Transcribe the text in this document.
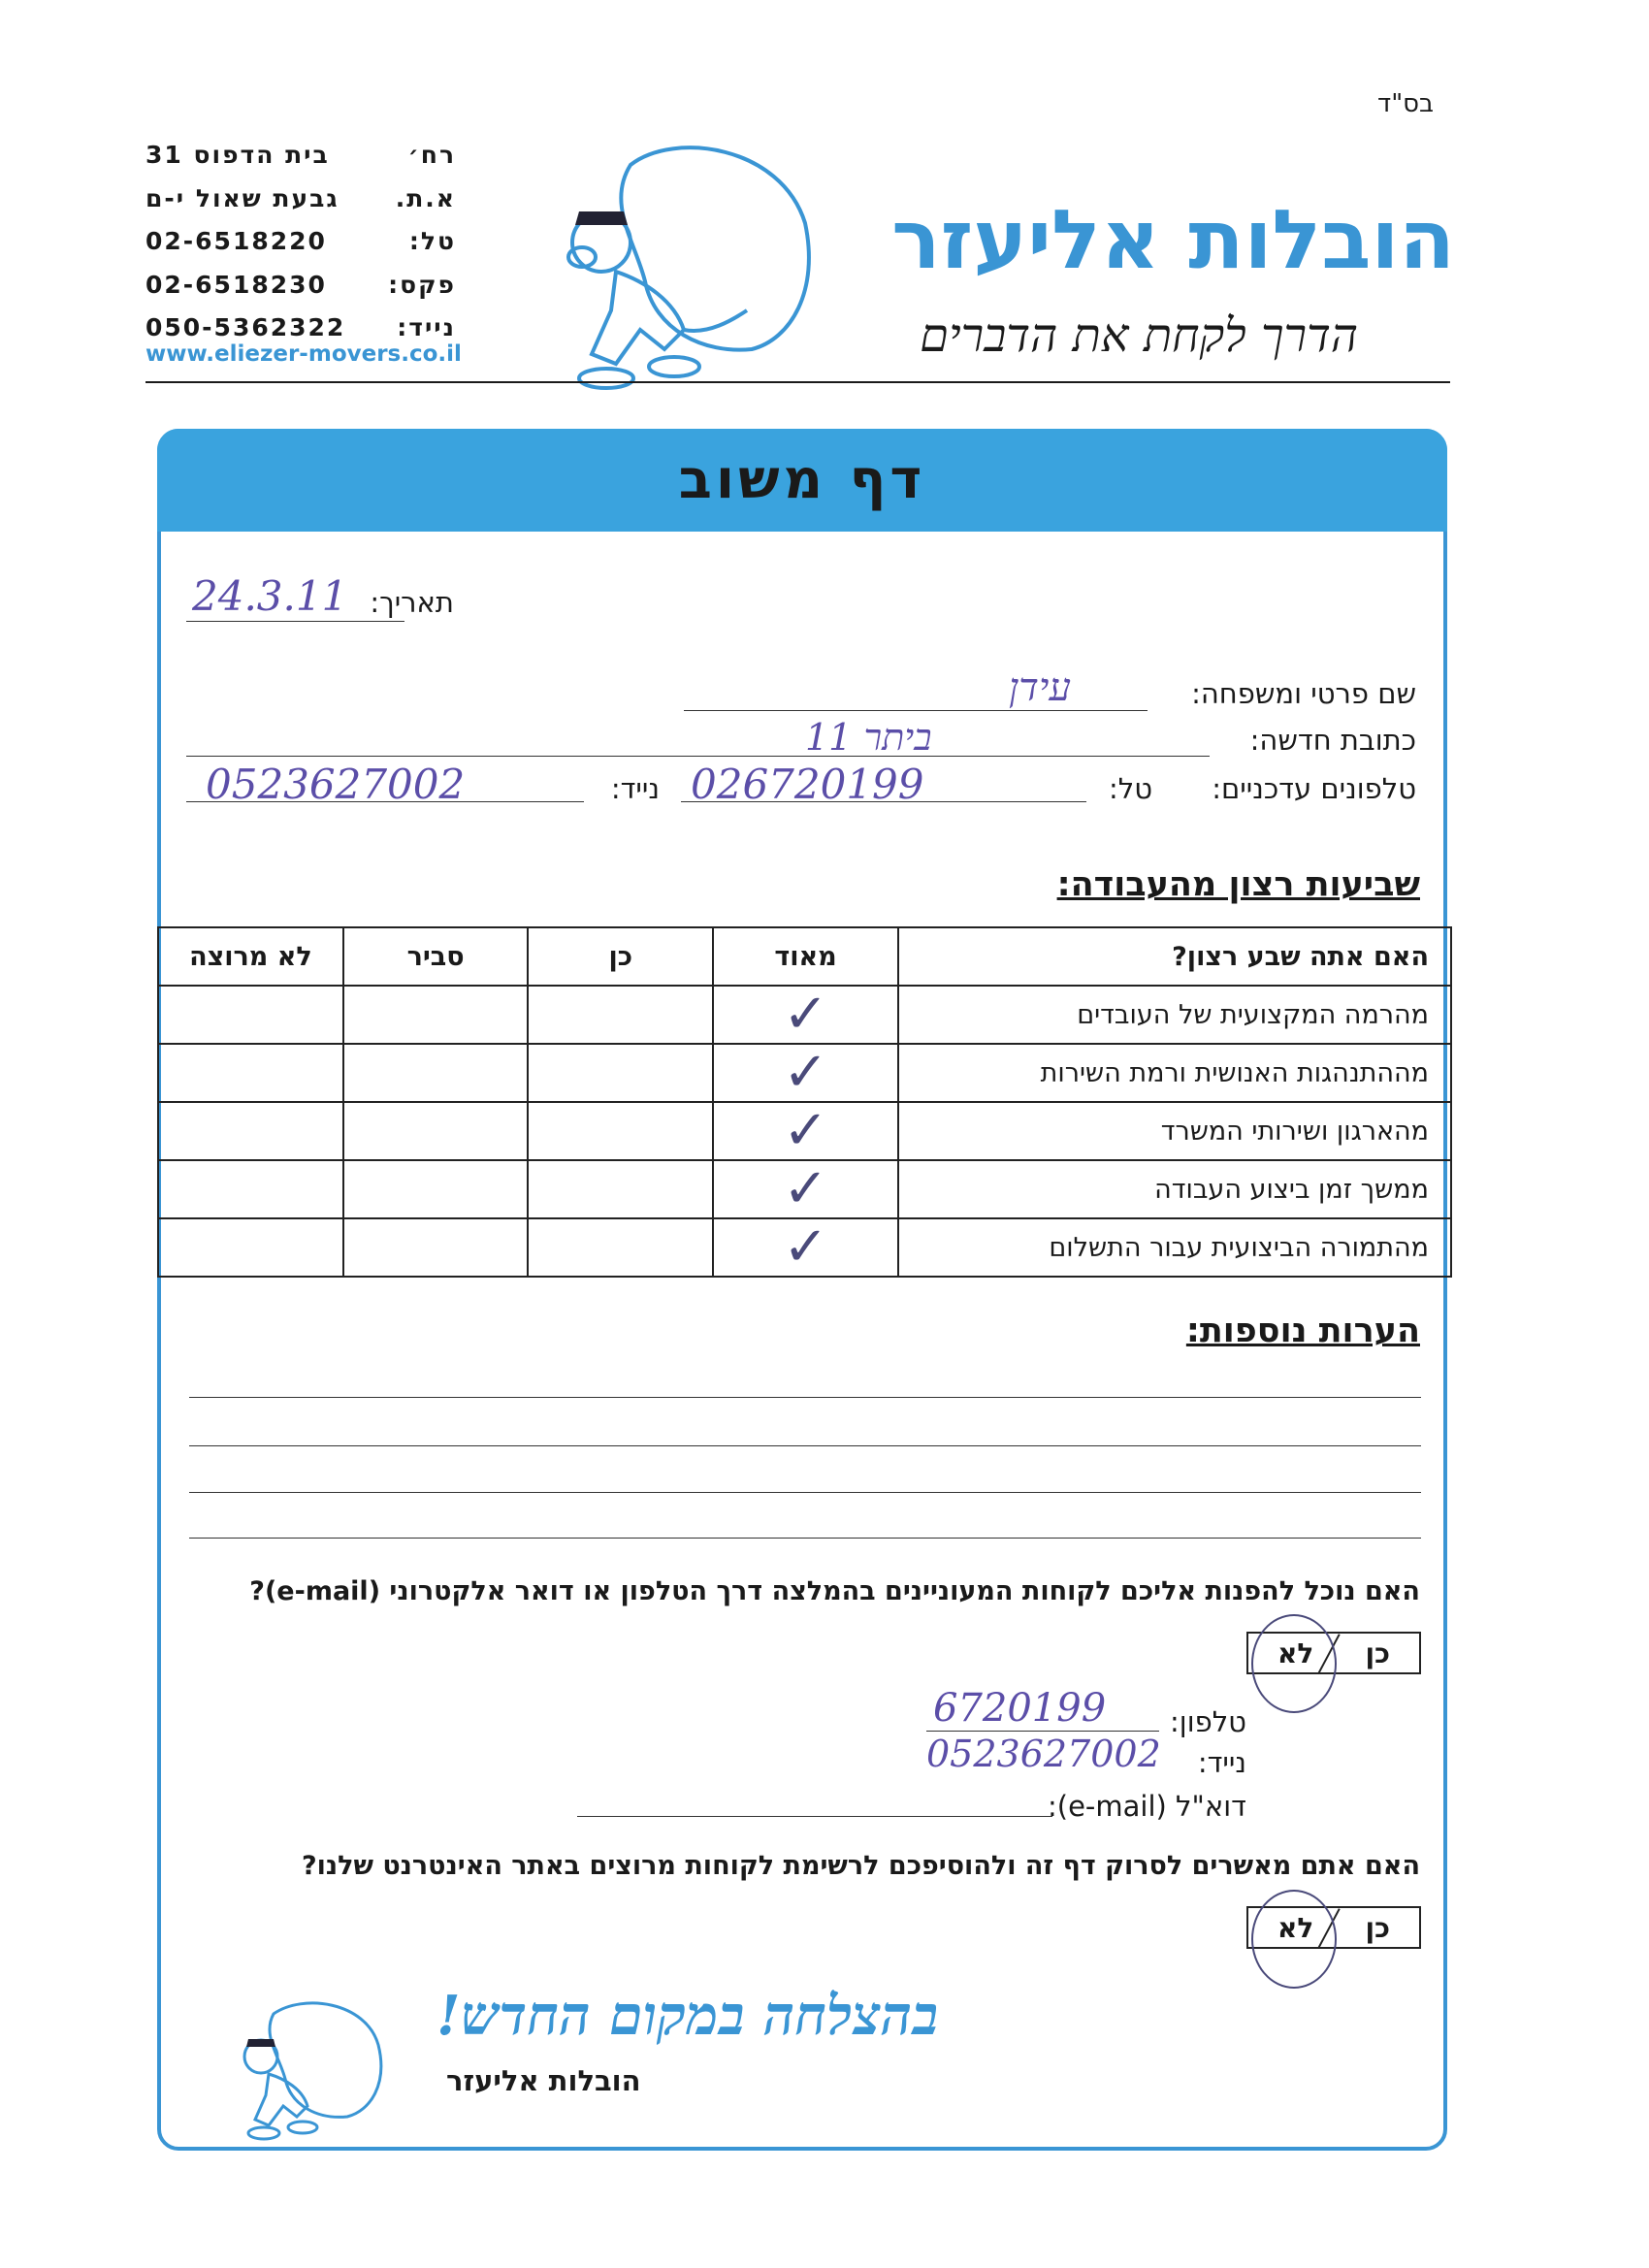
בס"ד
רח׳
בית הדפוס 31
א.ת.
גבעת שאול י-ם
טל:
02-6518220
פקס:
02-6518230
נייד:
050-5362322
www.eliezer-movers.co.il
הובלות אליעזר
הדרך לקחת את הדברים
דף משוב
תאריך:
24.3.11
שם פרטי ומשפחה:
עידן
כתובת חדשה:
ביתר 11
טלפונים עדכניים:
טל:
026720199
נייד:
0523627002
שביעות רצון מהעבודה:
האם אתה שבע רצון?	מאוד	כן	סביר	לא מרוצה
מהרמה המקצועית של העובדים	✓			

מההתנהגות האנושית ורמת השירות	✓			

מהארגון ושירותי המשרד	✓			

ממשך זמן ביצוע העבודה	✓			

מהתמורה הביצועית עבור התשלום	✓			

הערות נוספות:
האם נוכל להפנות אליכם לקוחות המעוניינים בהמלצה דרך הטלפון או דואר אלקטרוני (e-mail)?
כן
לא
טלפון:
6720199
נייד:
0523627002
דוא"ל (e-mail):
האם אתם מאשרים לסרוק דף זה ולהוסיפכם לרשימת לקוחות מרוצים באתר האינטרנט שלנו?
כן
לא
בהצלחה במקום החדש!
הובלות אליעזר
